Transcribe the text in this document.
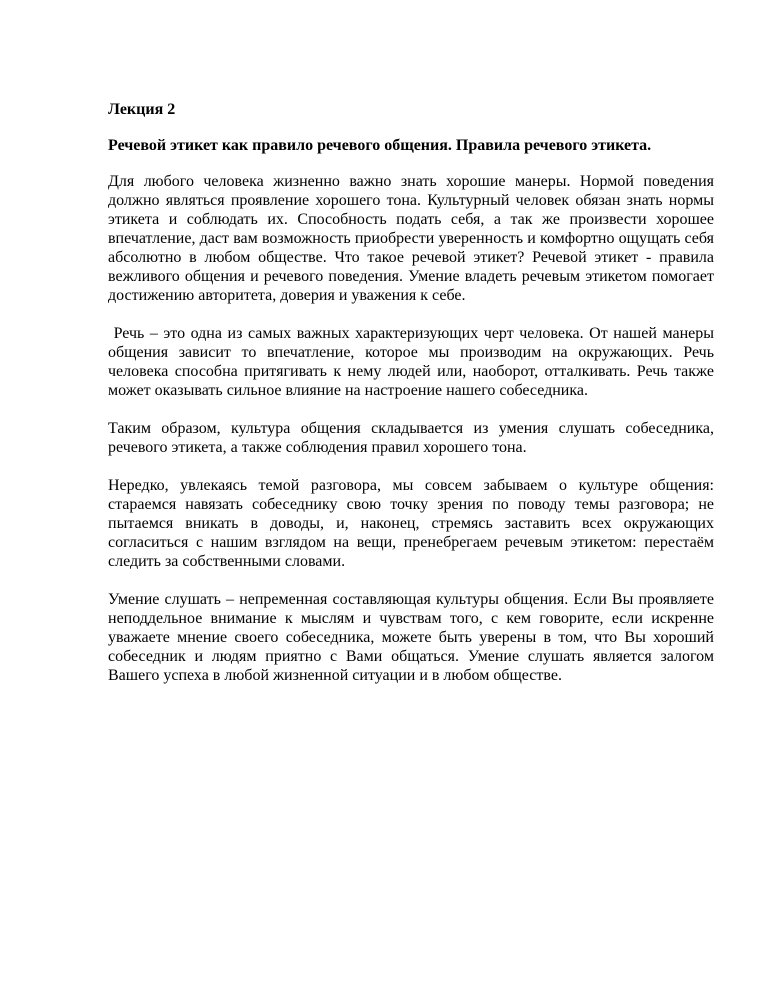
Лекция 2
Речевой этикет как правило речевого общения. Правила речевого этикета.

Для любого человека жизненно важно знать хорошие манеры. Нормой поведения должно являться проявление хорошего тона. Культурный человек обязан знать нормы этикета и соблюдать их. Способность подать себя, а так же произвести хорошее впечатление, даст вам возможность приобрести уверенность и комфортно ощущать себя абсолютно в любом обществе. Что такое речевой этикет? Речевой этикет - правила вежливого общения и речевого поведения. Умение владеть речевым этикетом помогает достижению авторитета, доверия и уважения к себе.

Речь – это одна из самых важных характеризующих черт человека. От нашей манеры общения зависит то впечатление, которое мы производим на окружающих. Речь человека способна притягивать к нему людей или, наоборот, отталкивать. Речь также может оказывать сильное влияние на настроение нашего собеседника.

Таким образом, культура общения складывается из умения слушать собеседника, речевого этикета, а также соблюдения правил хорошего тона.

Нередко, увлекаясь темой разговора, мы совсем забываем о культуре общения: стараемся навязать собеседнику свою точку зрения по поводу темы разговора; не пытаемся вникать в доводы, и, наконец, стремясь заставить всех окружающих согласиться с нашим взглядом на вещи, пренебрегаем речевым этикетом: перестаём следить за собственными словами.

Умение слушать – непременная составляющая культуры общения. Если Вы проявляете неподдельное внимание к мыслям и чувствам того, с кем говорите, если искренне уважаете мнение своего собеседника, можете быть уверены в том, что Вы хороший собеседник и людям приятно с Вами общаться. Умение слушать является залогом Вашего успеха в любой жизненной ситуации и в любом обществе.
